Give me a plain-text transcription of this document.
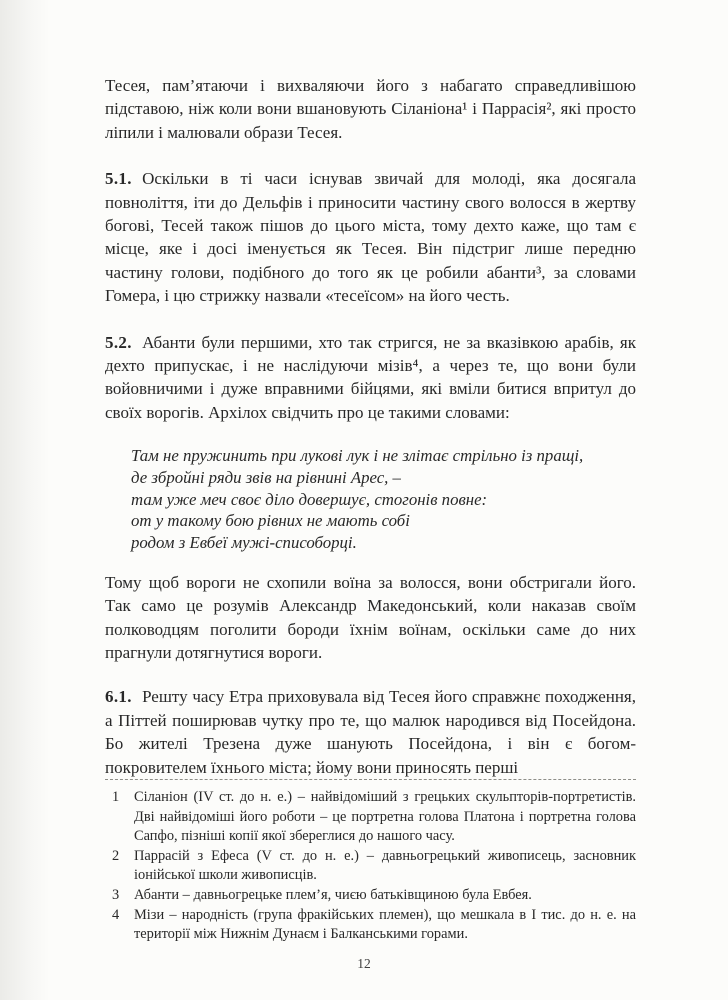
Тесея, пам’ятаючи і вихваляючи його з набагато справедливішою підставою, ніж коли вони вшановують Сіланіона¹ і Паррасія², які просто ліпили і малювали образи Тесея.

5.1. Оскільки в ті часи існував звичай для молоді, яка досягала повноліття, іти до Дельфів і приносити частину свого волосся в жертву богові, Тесей також пішов до цього міста, тому дехто каже, що там є місце, яке і досі іменується як Тесея. Він підстриг лише передню частину голови, подібного до того як це робили абанти³, за словами Гомера, і цю стрижку назвали «тесеїсом» на його честь.

5.2. Абанти були першими, хто так стригся, не за вказівкою арабів, як дехто припускає, і не наслідуючи мізів⁴, а через те, що вони були войовничими і дуже вправними бійцями, які вміли битися впритул до своїх ворогів. Архілох свідчить про це такими словами:

Там не пружинить при лукові лук і не злітає стрільно із пращі,
де збройні ряди звів на рівнині Арес, –
там уже меч своє діло довершує, стогонів повне:
от у такому бою рівних не мають собі
родом з Евбеї мужі-списоборці.

Тому щоб вороги не схопили воїна за волосся, вони обстригали його. Так само це розумів Александр Македонський, коли наказав своїм полководцям поголити бороди їхнім воїнам, оскільки саме до них прагнули дотягнутися вороги.

6.1. Решту часу Етра приховувала від Тесея його справжнє походження, а Піттей поширював чутку про те, що малюк народився від Посейдона. Бо жителі Трезена дуже шанують Посейдона, і він є богом-покровителем їхнього міста; йому вони приносять перші

1	Сіланіон (IV ст. до н. е.) – найвідоміший з грецьких скульпторів-портретистів. Дві найвідоміші його роботи – це портретна голова Платона і портретна голова Сапфо, пізніші копії якої збереглися до нашого часу.
2	Паррасій з Ефеса (V ст. до н. е.) – давньогрецький живописець, засновник іонійської школи живописців.
3	Абанти – давньогрецьке плем’я, чиєю батьківщиною була Евбея.
4	Мізи – народність (група фракійських племен), що мешкала в I тис. до н. е. на території між Нижнім Дунаєм і Балканськими горами.
12
